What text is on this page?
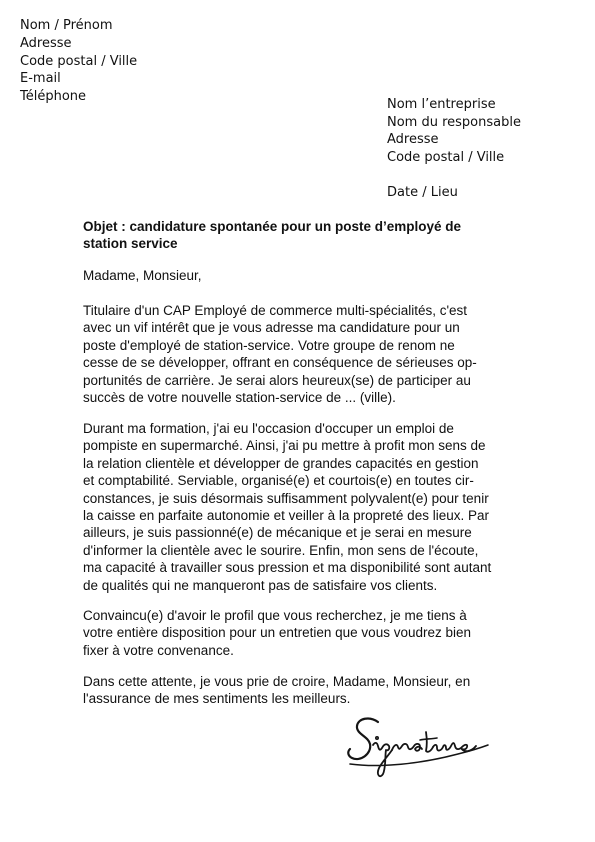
Nom / Prénom
Adresse
Code postal / Ville
E-mail
Téléphone
Nom l’entreprise
Nom du responsable
Adresse
Code postal / Ville
Date / Lieu
Objet : candidature spontanée pour un poste d’employé de
station service
Madame, Monsieur,
Titulaire d'un CAP Employé de commerce multi-spécialités, c'est
avec un vif intérêt que je vous adresse ma candidature pour un
poste d'employé de station-service. Votre groupe de renom ne
cesse de se développer, offrant en conséquence de sérieuses op-
portunités de carrière. Je serai alors heureux(se) de participer au
succès de votre nouvelle station-service de ... (ville).
Durant ma formation, j'ai eu l'occasion d'occuper un emploi de
pompiste en supermarché. Ainsi, j'ai pu mettre à profit mon sens de
la relation clientèle et développer de grandes capacités en gestion
et comptabilité. Serviable, organisé(e) et courtois(e) en toutes cir-
constances, je suis désormais suffisamment polyvalent(e) pour tenir
la caisse en parfaite autonomie et veiller à la propreté des lieux. Par
ailleurs, je suis passionné(e) de mécanique et je serai en mesure
d'informer la clientèle avec le sourire. Enfin, mon sens de l'écoute,
ma capacité à travailler sous pression et ma disponibilité sont autant
de qualités qui ne manqueront pas de satisfaire vos clients.
Convaincu(e) d'avoir le profil que vous recherchez, je me tiens à
votre entière disposition pour un entretien que vous voudrez bien
fixer à votre convenance.
Dans cette attente, je vous prie de croire, Madame, Monsieur, en
l'assurance de mes sentiments les meilleurs.
